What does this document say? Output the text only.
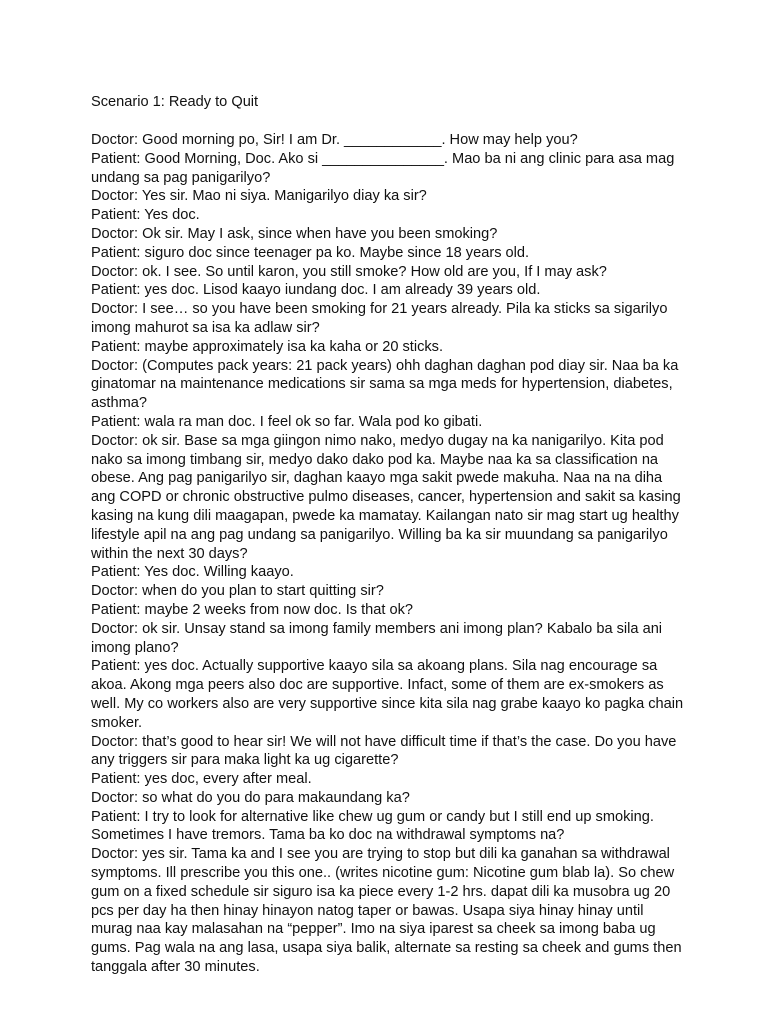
Scenario 1: Ready to Quit

Doctor: Good morning po, Sir! I am Dr. ____________. How may help you?

Patient: Good Morning, Doc. Ako si _______________. Mao ba ni ang clinic para asa mag undang sa pag panigarilyo?

Doctor: Yes sir. Mao ni siya. Manigarilyo diay ka sir?

Patient: Yes doc.

Doctor: Ok sir. May I ask, since when have you been smoking?

Patient: siguro doc since teenager pa ko. Maybe since 18 years old.

Doctor: ok. I see. So until karon, you still smoke? How old are you, If I may ask?

Patient: yes doc. Lisod kaayo iundang doc. I am already 39 years old.

Doctor: I see… so you have been smoking for 21 years already. Pila ka sticks sa sigarilyo imong mahurot sa isa ka adlaw sir?

Patient: maybe approximately isa ka kaha or 20 sticks.

Doctor: (Computes pack years: 21 pack years) ohh daghan daghan pod diay sir. Naa ba ka ginatomar na maintenance medications sir sama sa mga meds for hypertension, diabetes, asthma?

Patient: wala ra man doc. I feel ok so far. Wala pod ko gibati.

Doctor: ok sir. Base sa mga giingon nimo nako, medyo dugay na ka nanigarilyo. Kita pod nako sa imong timbang sir, medyo dako dako pod ka. Maybe naa ka sa classification na obese. Ang pag panigarilyo sir, daghan kaayo mga sakit pwede makuha. Naa na na diha ang COPD or chronic obstructive pulmo diseases, cancer, hypertension and sakit sa kasing kasing na kung dili maagapan, pwede ka mamatay. Kailangan nato sir mag start ug healthy lifestyle apil na ang pag undang sa panigarilyo. Willing ba ka sir muundang sa panigarilyo within the next 30 days?

Patient: Yes doc. Willing kaayo.

Doctor: when do you plan to start quitting sir?

Patient: maybe 2 weeks from now doc. Is that ok?

Doctor: ok sir. Unsay stand sa imong family members ani imong plan? Kabalo ba sila ani imong plano?

Patient: yes doc. Actually supportive kaayo sila sa akoang plans. Sila nag encourage sa akoa. Akong mga peers also doc are supportive. Infact, some of them are ex-smokers as well. My co workers also are very supportive since kita sila nag grabe kaayo ko pagka chain smoker.

Doctor: that’s good to hear sir! We will not have difficult time if that’s the case. Do you have any triggers sir para maka light ka ug cigarette?

Patient: yes doc, every after meal.

Doctor: so what do you do para makaundang ka?

Patient: I try to look for alternative like chew ug gum or candy but I still end up smoking. Sometimes I have tremors. Tama ba ko doc na withdrawal symptoms na?

Doctor: yes sir. Tama ka and I see you are trying to stop but dili ka ganahan sa withdrawal symptoms. Ill prescribe you this one.. (writes nicotine gum: Nicotine gum blab la). So chew gum on a fixed schedule sir siguro isa ka piece every 1-2 hrs. dapat dili ka musobra ug 20 pcs per day ha then hinay hinayon natog taper or bawas. Usapa siya hinay hinay until murag naa kay malasahan na “pepper”. Imo na siya iparest sa cheek sa imong baba ug gums. Pag wala na ang lasa, usapa siya balik, alternate sa resting sa cheek and gums then tanggala after 30 minutes.
